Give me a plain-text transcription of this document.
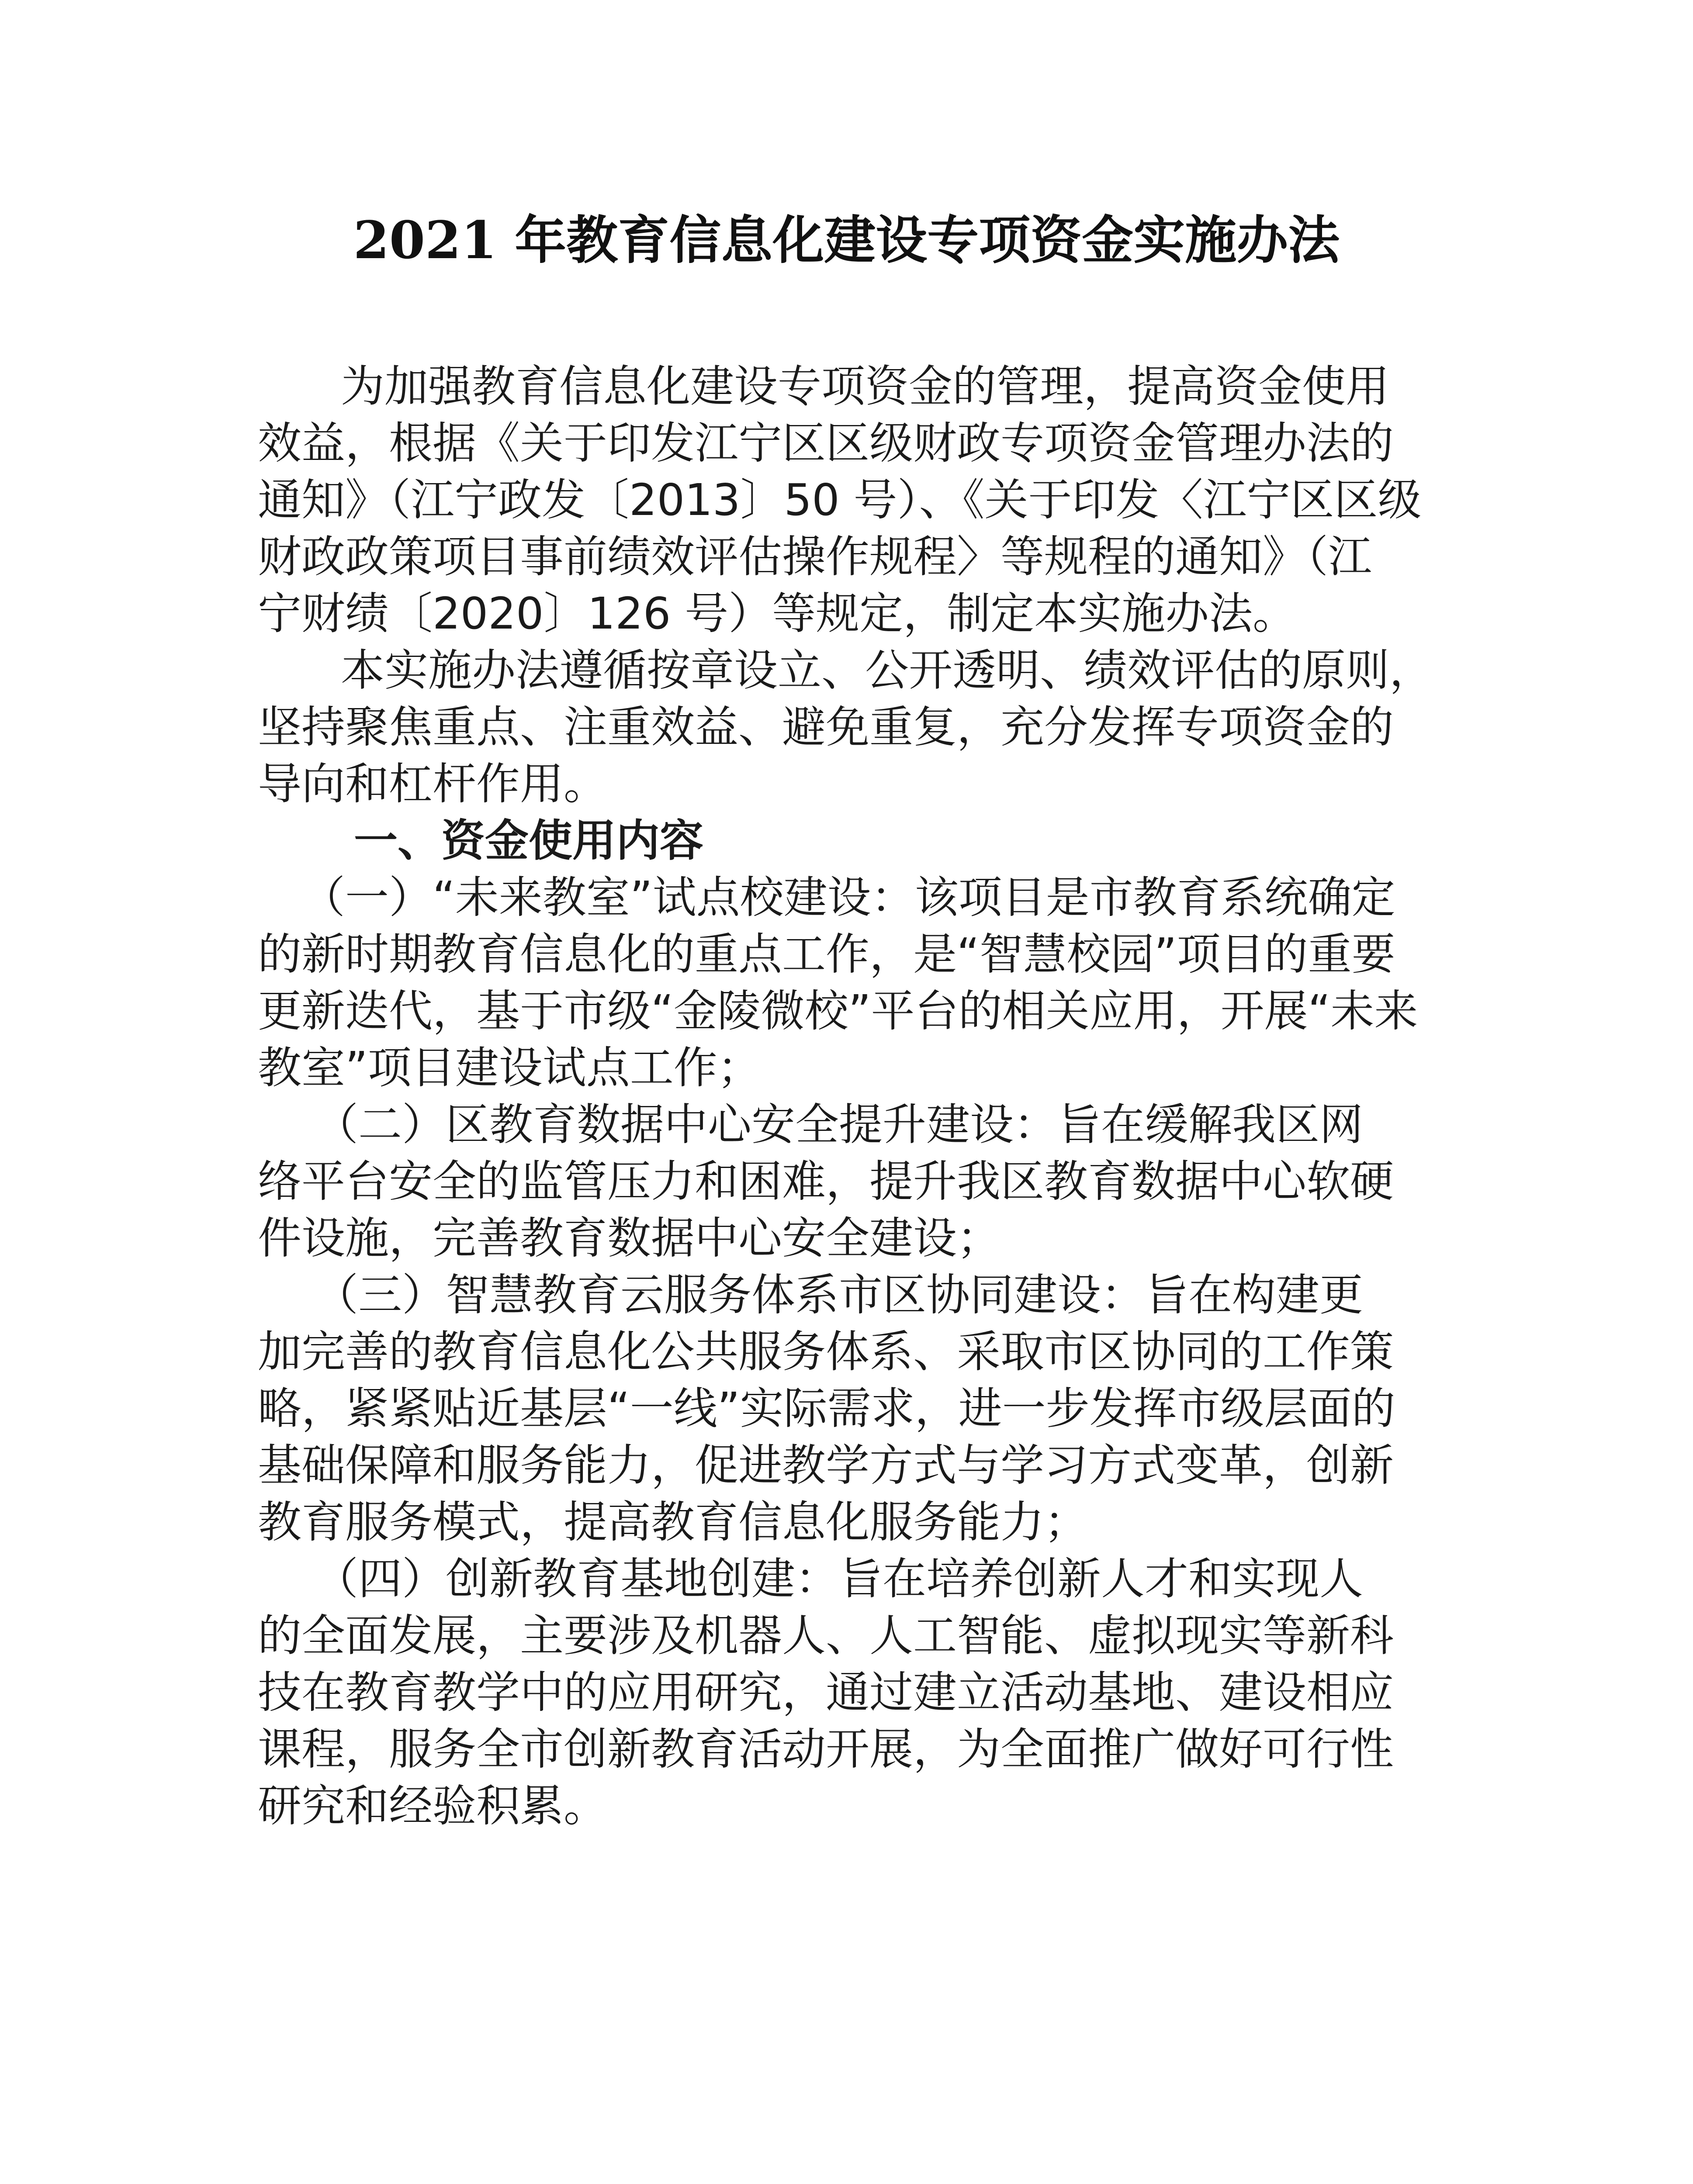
2021 年教育信息化建设专项资金实施办法
为加强教育信息化建设专项资金的管理，提高资金使用
效益，根据《关于印发江宁区区级财政专项资金管理办法的
通知》（江宁政发〔2013〕50 号）、《关于印发〈江宁区区级
财政政策项目事前绩效评估操作规程〉等规程的通知》（江
宁财绩〔2020〕126 号）等规定，制定本实施办法。
本实施办法遵循按章设立、公开透明、绩效评估的原则，
坚持聚焦重点、注重效益、避免重复，充分发挥专项资金的
导向和杠杆作用。
一、资金使用内容
（一）“未来教室”试点校建设：该项目是市教育系统确定
的新时期教育信息化的重点工作，是“智慧校园”项目的重要
更新迭代，基于市级“金陵微校”平台的相关应用，开展“未来
教室”项目建设试点工作；
（二）区教育数据中心安全提升建设：旨在缓解我区网
络平台安全的监管压力和困难，提升我区教育数据中心软硬
件设施，完善教育数据中心安全建设；
（三）智慧教育云服务体系市区协同建设：旨在构建更
加完善的教育信息化公共服务体系、采取市区协同的工作策
略，紧紧贴近基层“一线”实际需求，进一步发挥市级层面的
基础保障和服务能力，促进教学方式与学习方式变革，创新
教育服务模式，提高教育信息化服务能力；
（四）创新教育基地创建：旨在培养创新人才和实现人
的全面发展，主要涉及机器人、人工智能、虚拟现实等新科
技在教育教学中的应用研究，通过建立活动基地、建设相应
课程，服务全市创新教育活动开展，为全面推广做好可行性
研究和经验积累。
